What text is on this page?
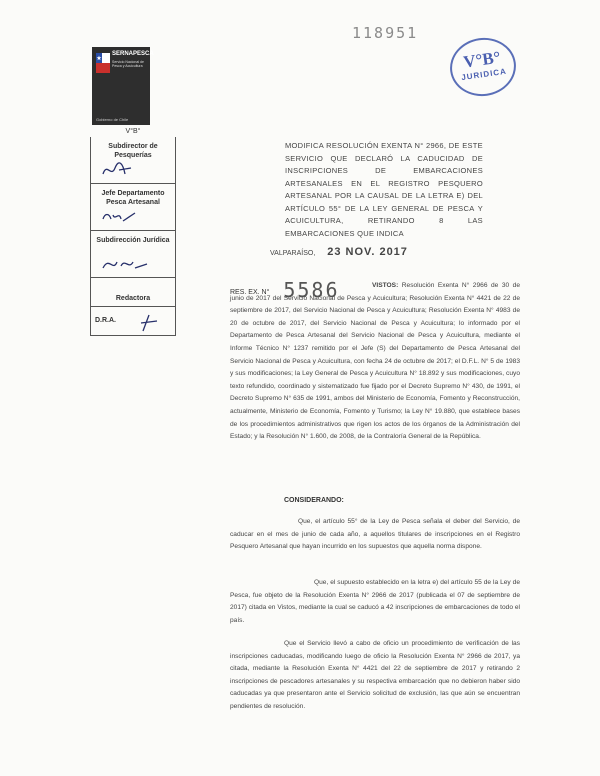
118951
V°B°
JURIDICA
SERNAPESCA
Servicio Nacional de Pesca y Acuicultura
Gobierno de Chile
V°B°
Subdirector de Pesquerías
Jefe Departamento Pesca Artesanal
Subdirección Jurídica
Redactora
D.R.A.
MODIFICA RESOLUCIÓN EXENTA N° 2966, DE ESTE SERVICIO QUE DECLARÓ LA CADUCIDAD DE INSCRIPCIONES DE EMBARCACIONES ARTESANALES EN EL REGISTRO PESQUERO ARTESANAL POR LA CAUSAL DE LA LETRA E) DEL ARTÍCULO 55° DE LA LEY GENERAL DE PESCA Y ACUICULTURA, RETIRANDO 8 LAS EMBARCACIONES QUE INDICA
VALPARAÍSO, 23 NOV. 2017
RES. EX. N° 5586	VISTOS: Resolución Exenta N° 2966 de 30 de junio de 2017 del Servicio Nacional de Pesca y Acuicultura; Resolución Exenta N° 4421 de 22 de septiembre de 2017, del Servicio Nacional de Pesca y Acuicultura; Resolución Exenta N° 4983 de 20 de octubre de 2017, del Servicio Nacional de Pesca y Acuicultura; lo informado por el Departamento de Pesca Artesanal del Servicio Nacional de Pesca y Acuicultura, mediante el Informe Técnico N° 1237 remitido por el Jefe (S) del Departamento de Pesca Artesanal del Servicio Nacional de Pesca y Acuicultura, con fecha 24 de octubre de 2017; el D.F.L. N° 5 de 1983 y sus modificaciones; la Ley General de Pesca y Acuicultura N° 18.892 y sus modificaciones, cuyo texto refundido, coordinado y sistematizado fue fijado por el Decreto Supremo N° 430, de 1991, el Decreto Supremo N° 635 de 1991, ambos del Ministerio de Economía, Fomento y Reconstrucción, actualmente, Ministerio de Economía, Fomento y Turismo; la Ley N° 19.880, que establece bases de los procedimientos administrativos que rigen los actos de los órganos de la Administración del Estado; y la Resolución N° 1.600, de 2008, de la Contraloría General de la República.
CONSIDERANDO:
Que, el artículo 55° de la Ley de Pesca señala el deber del Servicio, de caducar en el mes de junio de cada año, a aquellos titulares de inscripciones en el Registro Pesquero Artesanal que hayan incurrido en los supuestos que aquella norma dispone.
Que, el supuesto establecido en la letra e) del artículo 55 de la Ley de Pesca, fue objeto de la Resolución Exenta N° 2966 de 2017 (publicada el 07 de septiembre de 2017) citada en Vistos, mediante la cual se caducó a 42 inscripciones de embarcaciones de todo el país.
Que el Servicio llevó a cabo de oficio un procedimiento de verificación de las inscripciones caducadas, modificando luego de oficio la Resolución Exenta N° 2966 de 2017, ya citada, mediante la Resolución Exenta N° 4421 del 22 de septiembre de 2017 y retirando 2 inscripciones de pescadores artesanales y su respectiva embarcación que no debieron haber sido caducadas ya que presentaron ante el Servicio solicitud de exclusión, las que aún se encuentran pendientes de resolución.
